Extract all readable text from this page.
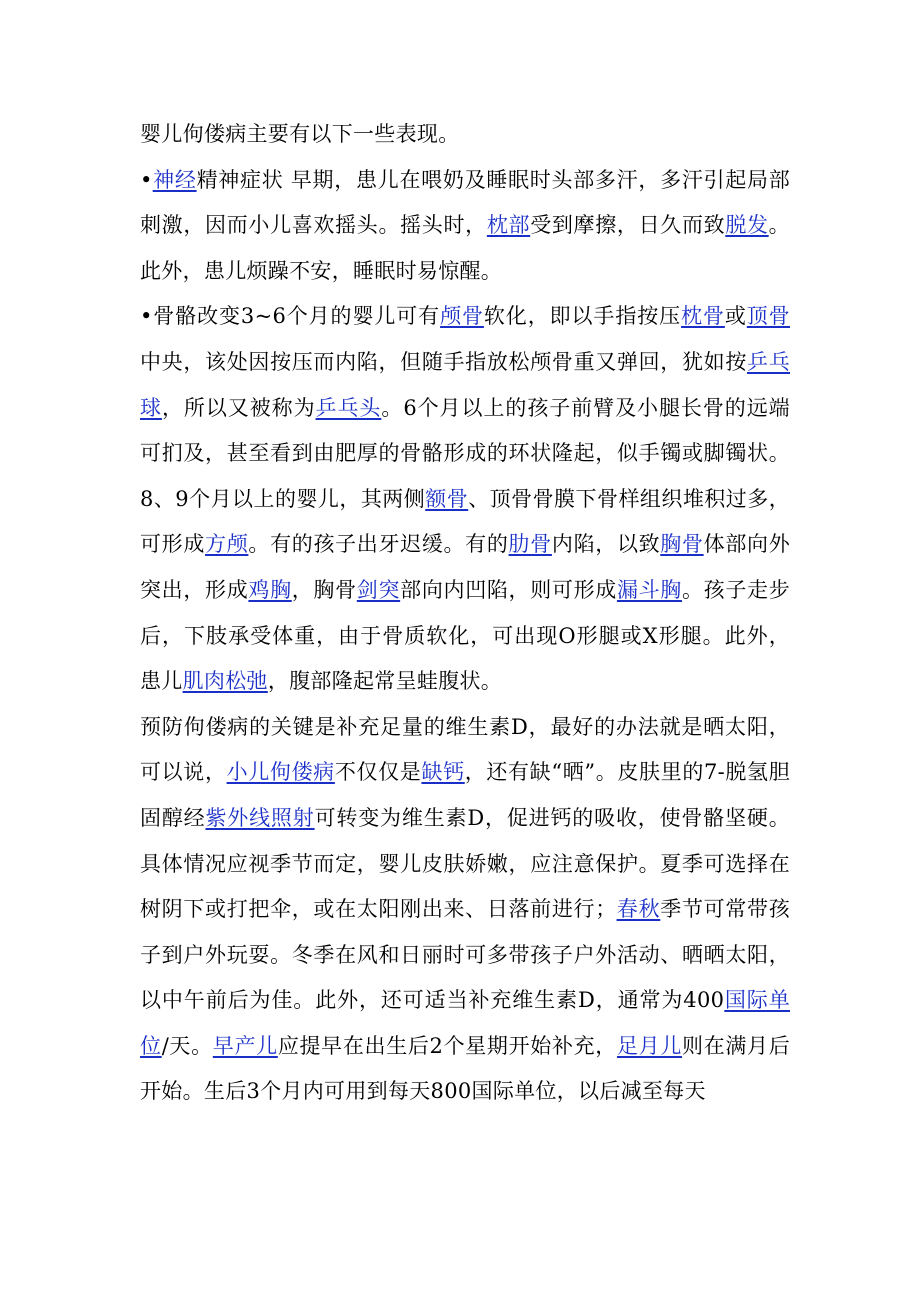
婴儿佝偻病主要有以下一些表现。

•神经精神症状 早期，患儿在喂奶及睡眠时头部多汗，多汗引起局部刺激，因而小儿喜欢摇头。摇头时，枕部受到摩擦，日久而致脱发。此外，患儿烦躁不安，睡眠时易惊醒。

•骨骼改变3~6个月的婴儿可有颅骨软化，即以手指按压枕骨或顶骨中央，该处因按压而内陷，但随手指放松颅骨重又弹回，犹如按乒乓球，所以又被称为乒乓头。6个月以上的孩子前臂及小腿长骨的远端可扪及，甚至看到由肥厚的骨骼形成的环状隆起，似手镯或脚镯状。8、9个月以上的婴儿，其两侧额骨、顶骨骨膜下骨样组织堆积过多，可形成方颅。有的孩子出牙迟缓。有的肋骨内陷，以致胸骨体部向外突出，形成鸡胸，胸骨剑突部向内凹陷，则可形成漏斗胸。孩子走步后，下肢承受体重，由于骨质软化，可出现O形腿或X形腿。此外，患儿肌肉松弛，腹部隆起常呈蛙腹状。

预防佝偻病的关键是补充足量的维生素D，最好的办法就是晒太阳，可以说，小儿佝偻病不仅仅是缺钙，还有缺“晒”。皮肤里的7-脱氢胆固醇经紫外线照射可转变为维生素D，促进钙的吸收，使骨骼坚硬。具体情况应视季节而定，婴儿皮肤娇嫩，应注意保护。夏季可选择在树阴下或打把伞，或在太阳刚出来、日落前进行；春秋季节可常带孩子到户外玩耍。冬季在风和日丽时可多带孩子户外活动、晒晒太阳，以中午前后为佳。此外，还可适当补充维生素D，通常为400国际单位/天。早产儿应提早在出生后2个星期开始补充，足月儿则在满月后开始。生后3个月内可用到每天800国际单位，以后减至每天
